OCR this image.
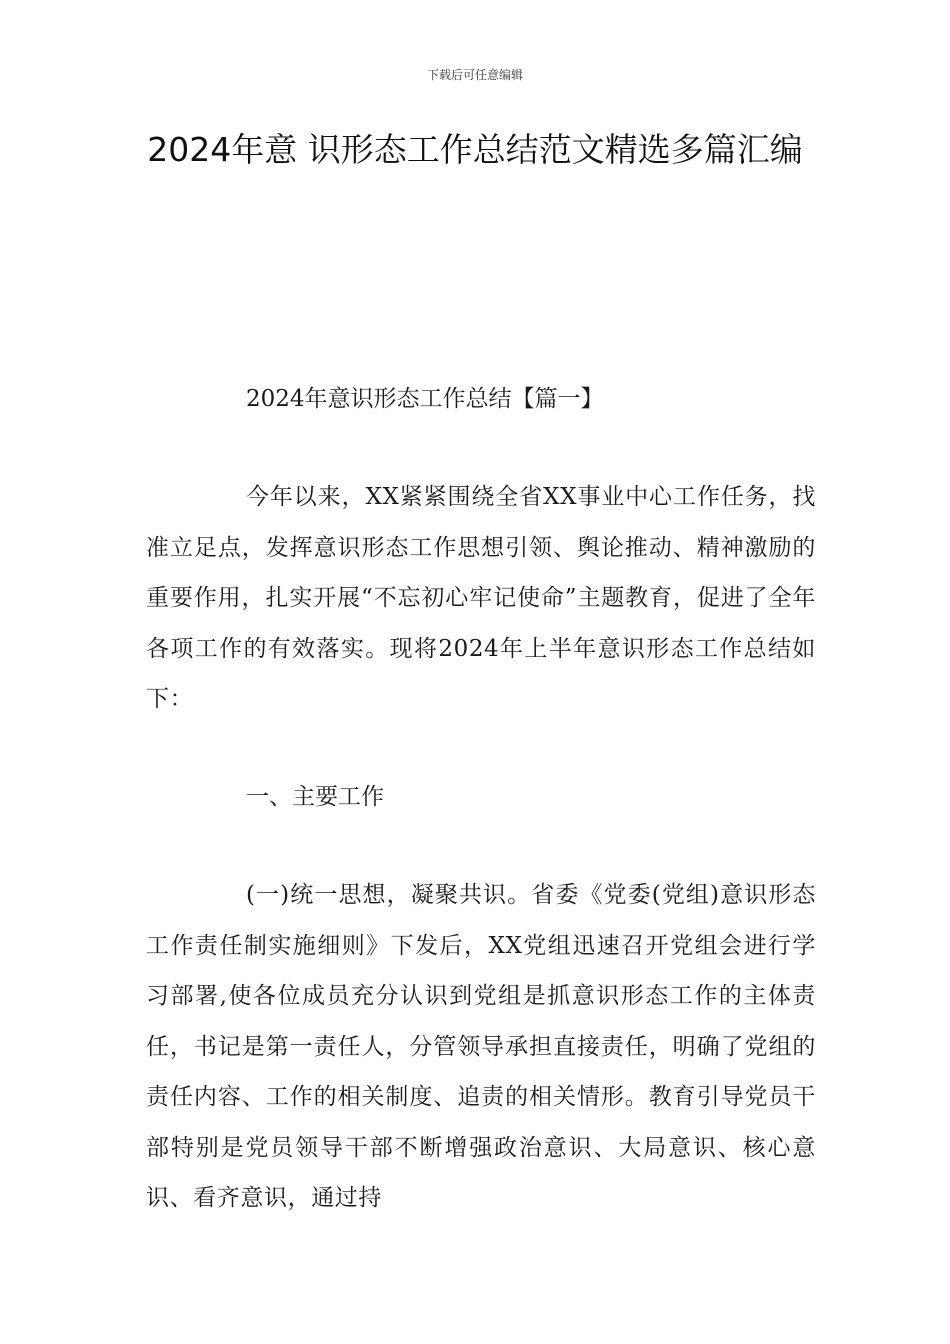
下载后可任意编辑
2024年意 识形态工作总结范文精选多篇汇编
2024年意识形态工作总结【篇一】
今年以来，XX紧紧围绕全省XX事业中心工作任务，找准立足点，发挥意识形态工作思想引领、舆论推动、精神激励的重要作用，扎实开展“不忘初心牢记使命”主题教育，促进了全年各项工作的有效落实。现将2024年上半年意识形态工作总结如下：
一、主要工作
(一)统一思想，凝聚共识。省委《党委(党组)意识形态工作责任制实施细则》下发后，XX党组迅速召开党组会进行学习部署,使各位成员充分认识到党组是抓意识形态工作的主体责任，书记是第一责任人，分管领导承担直接责任，明确了党组的责任内容、工作的相关制度、追责的相关情形。教育引导党员干部特别是党员领导干部不断增强政治意识、大局意识、核心意识、看齐意识，通过持
